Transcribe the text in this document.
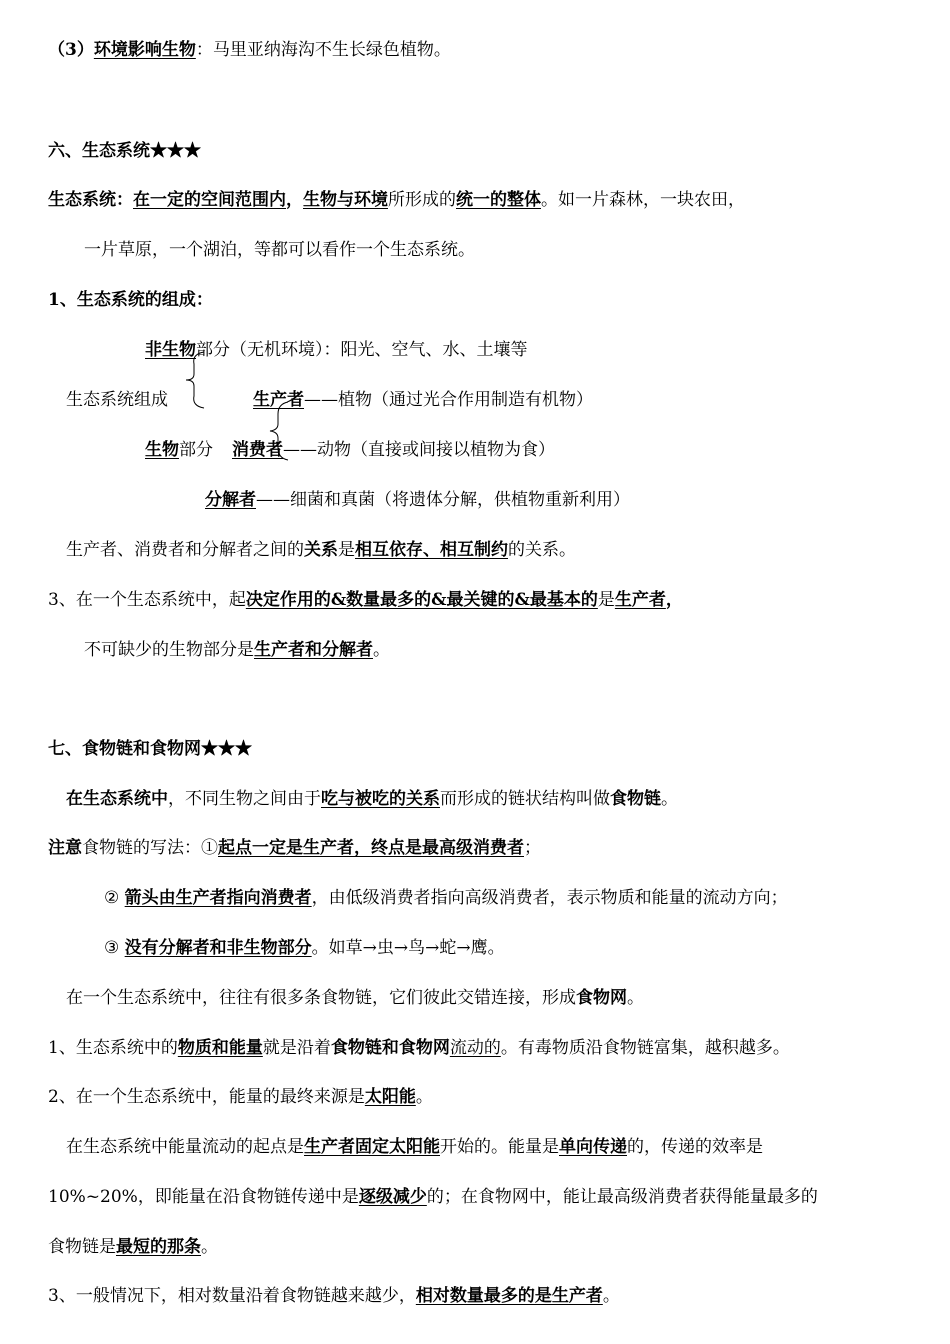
（3）环境影响生物：马里亚纳海沟不生长绿色植物。
六、生态系统★★★
生态系统：在一定的空间范围内，生物与环境所形成的统一的整体。如一片森林，一块农田，
一片草原，一个湖泊，等都可以看作一个生态系统。
1、生态系统的组成：
非生物部分（无机环境）：阳光、空气、水、土壤等
生态系统组成	生产者——植物（通过光合作用制造有机物）
生物部分 消费者——动物（直接或间接以植物为食）
分解者——细菌和真菌（将遗体分解，供植物重新利用）
生产者、消费者和分解者之间的关系是相互依存、相互制约的关系。
3、在一个生态系统中，起决定作用的&数量最多的&最关键的&最基本的是生产者，
不可缺少的生物部分是生产者和分解者。
七、食物链和食物网★★★
在生态系统中，不同生物之间由于吃与被吃的关系而形成的链状结构叫做食物链。
注意食物链的写法：①起点一定是生产者，终点是最高级消费者；
② 箭头由生产者指向消费者，由低级消费者指向高级消费者，表示物质和能量的流动方向；
③ 没有分解者和非生物部分。如草→虫→鸟→蛇→鹰。
在一个生态系统中，往往有很多条食物链，它们彼此交错连接，形成食物网。
1、生态系统中的物质和能量就是沿着食物链和食物网流动的。有毒物质沿食物链富集，越积越多。
2、在一个生态系统中，能量的最终来源是太阳能。
在生态系统中能量流动的起点是生产者固定太阳能开始的。能量是单向传递的，传递的效率是
10%~20%，即能量在沿食物链传递中是逐级减少的；在食物网中，能让最高级消费者获得能量最多的
食物链是最短的那条。
3、一般情况下，相对数量沿着食物链越来越少，相对数量最多的是生产者。
